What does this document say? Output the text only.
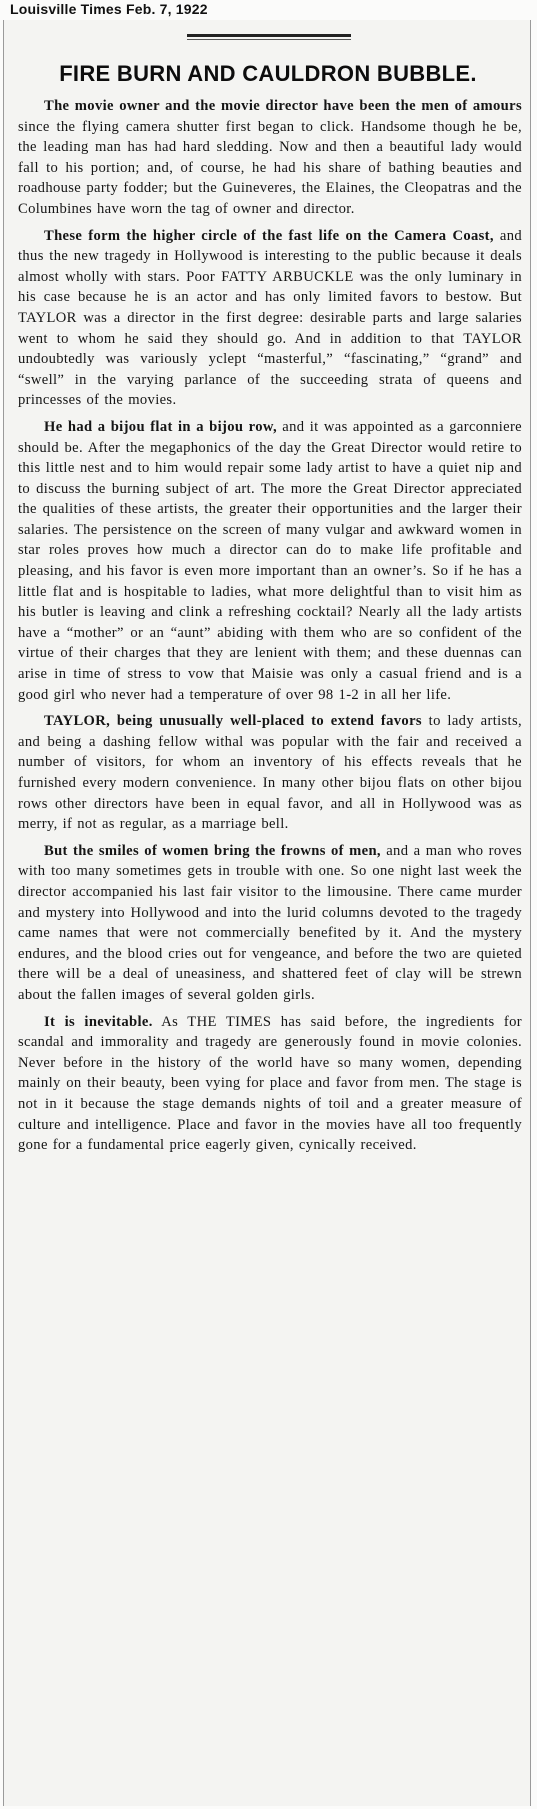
Louisville Times Feb. 7, 1922
FIRE BURN AND CAULDRON BUBBLE.

The movie owner and the movie director have been the men of amours since the flying camera shutter first began to click. Handsome though he be, the leading man has had hard sledding. Now and then a beautiful lady would fall to his portion; and, of course, he had his share of bathing beauties and roadhouse party fodder; but the Guineveres, the Elaines, the Cleopatras and the Columbines have worn the tag of owner and director.

These form the higher circle of the fast life on the Camera Coast, and thus the new tragedy in Hollywood is interesting to the public because it deals almost wholly with stars. Poor FATTY ARBUCKLE was the only luminary in his case because he is an actor and has only limited favors to bestow. But TAYLOR was a director in the first degree: desirable parts and large salaries went to whom he said they should go. And in addition to that TAYLOR undoubtedly was variously yclept “masterful,” “fascinating,” “grand” and “swell” in the varying parlance of the succeeding strata of queens and princesses of the movies.

He had a bijou flat in a bijou row, and it was appointed as a garconniere should be. After the megaphonics of the day the Great Director would retire to this little nest and to him would repair some lady artist to have a quiet nip and to discuss the burning subject of art. The more the Great Director appreciated the qualities of these artists, the greater their opportunities and the larger their salaries. The persistence on the screen of many vulgar and awkward women in star roles proves how much a director can do to make life profitable and pleasing, and his favor is even more important than an owner’s. So if he has a little flat and is hospitable to ladies, what more delightful than to visit him as his butler is leaving and clink a refreshing cocktail? Nearly all the lady artists have a “mother” or an “aunt” abiding with them who are so confident of the virtue of their charges that they are lenient with them; and these duennas can arise in time of stress to vow that Maisie was only a casual friend and is a good girl who never had a temperature of over 98 1-2 in all her life.

TAYLOR, being unusually well-placed to extend favors to lady artists, and being a dashing fellow withal was popular with the fair and received a number of visitors, for whom an inventory of his effects reveals that he furnished every modern convenience. In many other bijou flats on other bijou rows other directors have been in equal favor, and all in Hollywood was as merry, if not as regular, as a marriage bell.

But the smiles of women bring the frowns of men, and a man who roves with too many sometimes gets in trouble with one. So one night last week the director accompanied his last fair visitor to the limousine. There came murder and mystery into Hollywood and into the lurid columns devoted to the tragedy came names that were not commercially benefited by it. And the mystery endures, and the blood cries out for vengeance, and before the two are quieted there will be a deal of uneasiness, and shattered feet of clay will be strewn about the fallen images of several golden girls.

It is inevitable. As THE TIMES has said before, the ingredients for scandal and immorality and tragedy are generously found in movie colonies. Never before in the history of the world have so many women, depending mainly on their beauty, been vying for place and favor from men. The stage is not in it because the stage demands nights of toil and a greater measure of culture and intelligence. Place and favor in the movies have all too frequently gone for a fundamental price eagerly given, cynically received.
